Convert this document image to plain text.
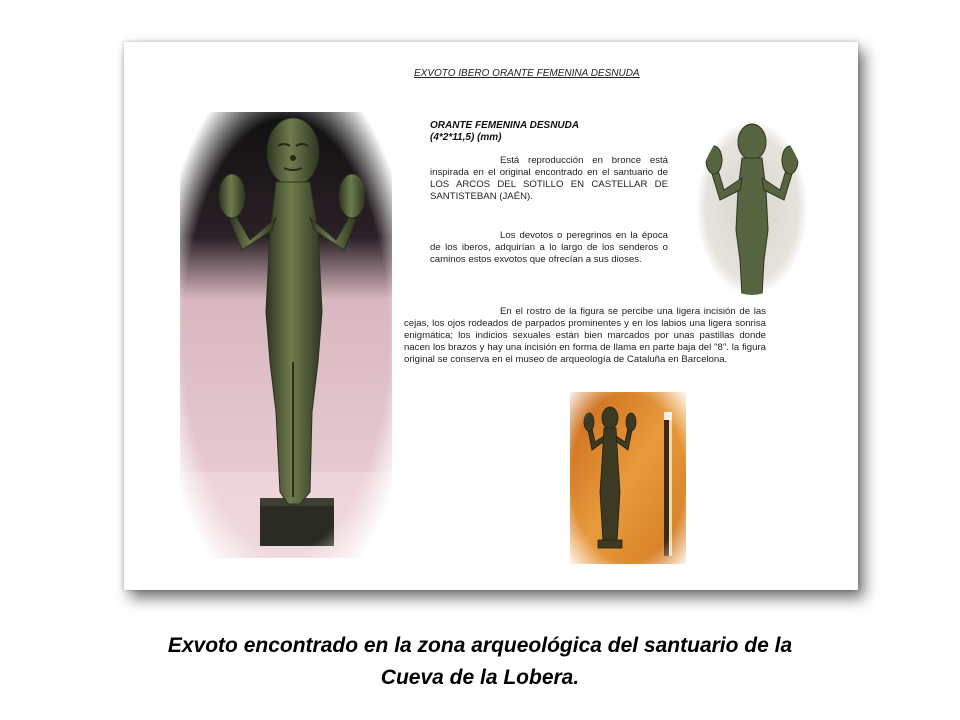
EXVOTO IBERO ORANTE FEMENINA DESNUDA
ORANTE FEMENINA DESNUDA
(4*2*11,5) (mm)
Está reproducción en bronce está inspirada en el original encontrado en el santuario de LOS ARCOS DEL SOTILLO EN CASTELLAR DE SANTISTEBAN (JAÉN).
Los devotos o peregrinos en la época de los iberos, adquirían a lo largo de los senderos o caminos estos exvotos que ofrecían a sus dioses.
En el rostro de la figura se percibe una ligera incisión de las cejas, los ojos rodeados de parpados prominentes y en los labios una ligera sonrisa enigmática; los indicios sexuales están bien marcados por unas pastillas donde nacen los brazos y hay una incisión en forma de llama en parte baja del "8". la figura original se conserva en el museo de arqueología de Cataluña en Barcelona.
Exvoto encontrado en la zona arqueológica del santuario de la
Cueva de la Lobera.
